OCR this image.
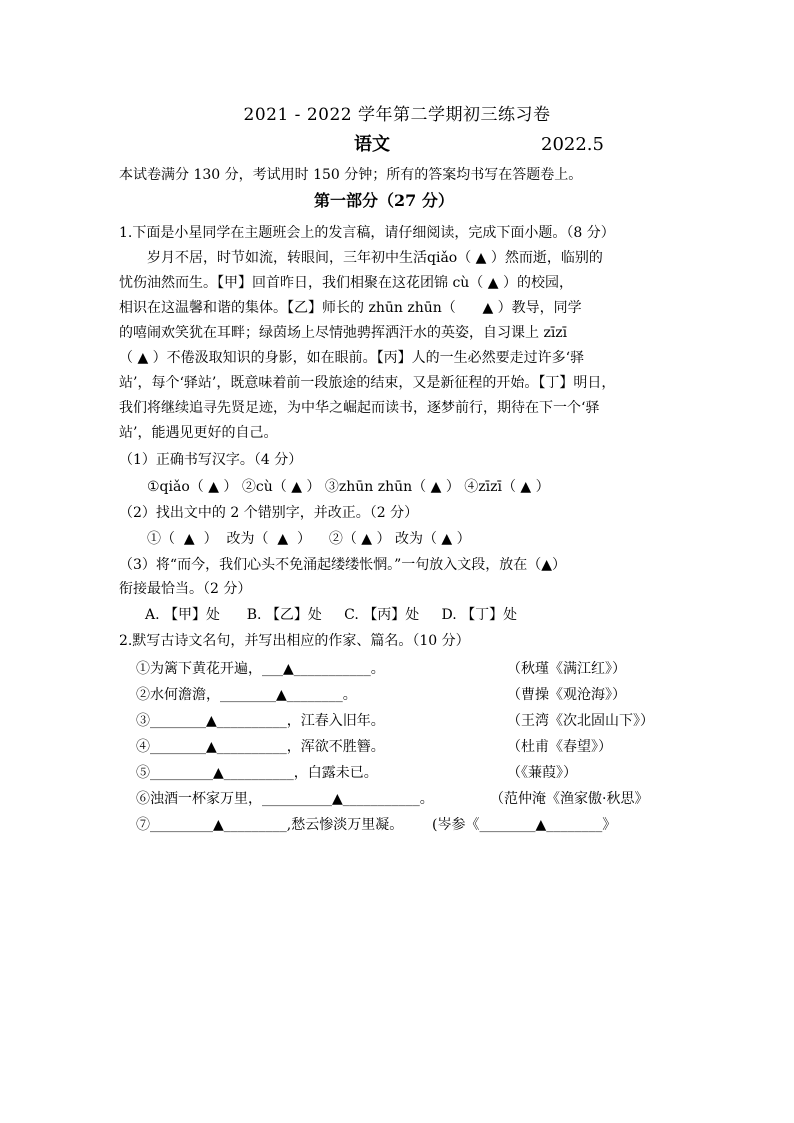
2021 - 2022 学年第二学期初三练习卷
语文	2022.5
本试卷满分 130 分，考试用时 150 分钟；所有的答案均书写在答题卷上。
第一部分（27 分）
1.下面是小星同学在主题班会上的发言稿，请仔细阅读，完成下面小题。（8 分）
岁月不居，时节如流，转眼间，三年初中生活qiǎo（ ▲ ）然而逝，临别的
忧伤油然而生。【甲】回首昨日，我们相聚在这花团锦 cù（ ▲ ）的校园，
相识在这温馨和谐的集体。【乙】师长的 zhūn zhūn（      ▲ ）教导，同学
的嘻闹欢笑犹在耳畔；绿茵场上尽情弛骋挥洒汗水的英姿，自习课上 zīzī
（ ▲ ）不倦汲取知识的身影，如在眼前。【丙】人的一生必然要走过许多‘驿
站’，每个‘驿站’，既意味着前一段旅途的结束，又是新征程的开始。【丁】明日，
我们将继续追寻先贤足迹，为中华之崛起而读书，逐梦前行，期待在下一个‘驿
站’，能遇见更好的自己。
（1）正确书写汉字。（4 分）
①qiǎo（ ▲ ） ②cù（ ▲ ） ③zhūn zhūn（ ▲ ） ④zīzī（ ▲ ）
（2）找出文中的 2 个错别字，并改正。（2 分）
①（  ▲  ）  改为（  ▲  ）    ②（ ▲ ） 改为（ ▲ ）
（3）将“而今，我们心头不免涌起缕缕怅惘。”一句放入文段，放在（▲）
衔接最恰当。（2 分）
A. 【甲】处      B. 【乙】处     C. 【丙】处     D. 【丁】处
2.默写古诗文名句，并写出相应的作家、篇名。（10 分）
①为篱下黄花开遍，___▲___________。	（秋瑾《满江红》）
②水何澹澹，________▲________。	（曹操《观沧海》）
③________▲__________，江春入旧年。	（王湾《次北固山下》）
④________▲__________，浑欲不胜簪。	（杜甫《春望》）
⑤_________▲__________，白露未已。	（《蒹葭》）
⑥浊酒一杯家万里，__________▲___________。	（范仲淹《渔家傲·秋思》
⑦_________▲_________,愁云惨淡万里凝。 (岑参《________▲________》
